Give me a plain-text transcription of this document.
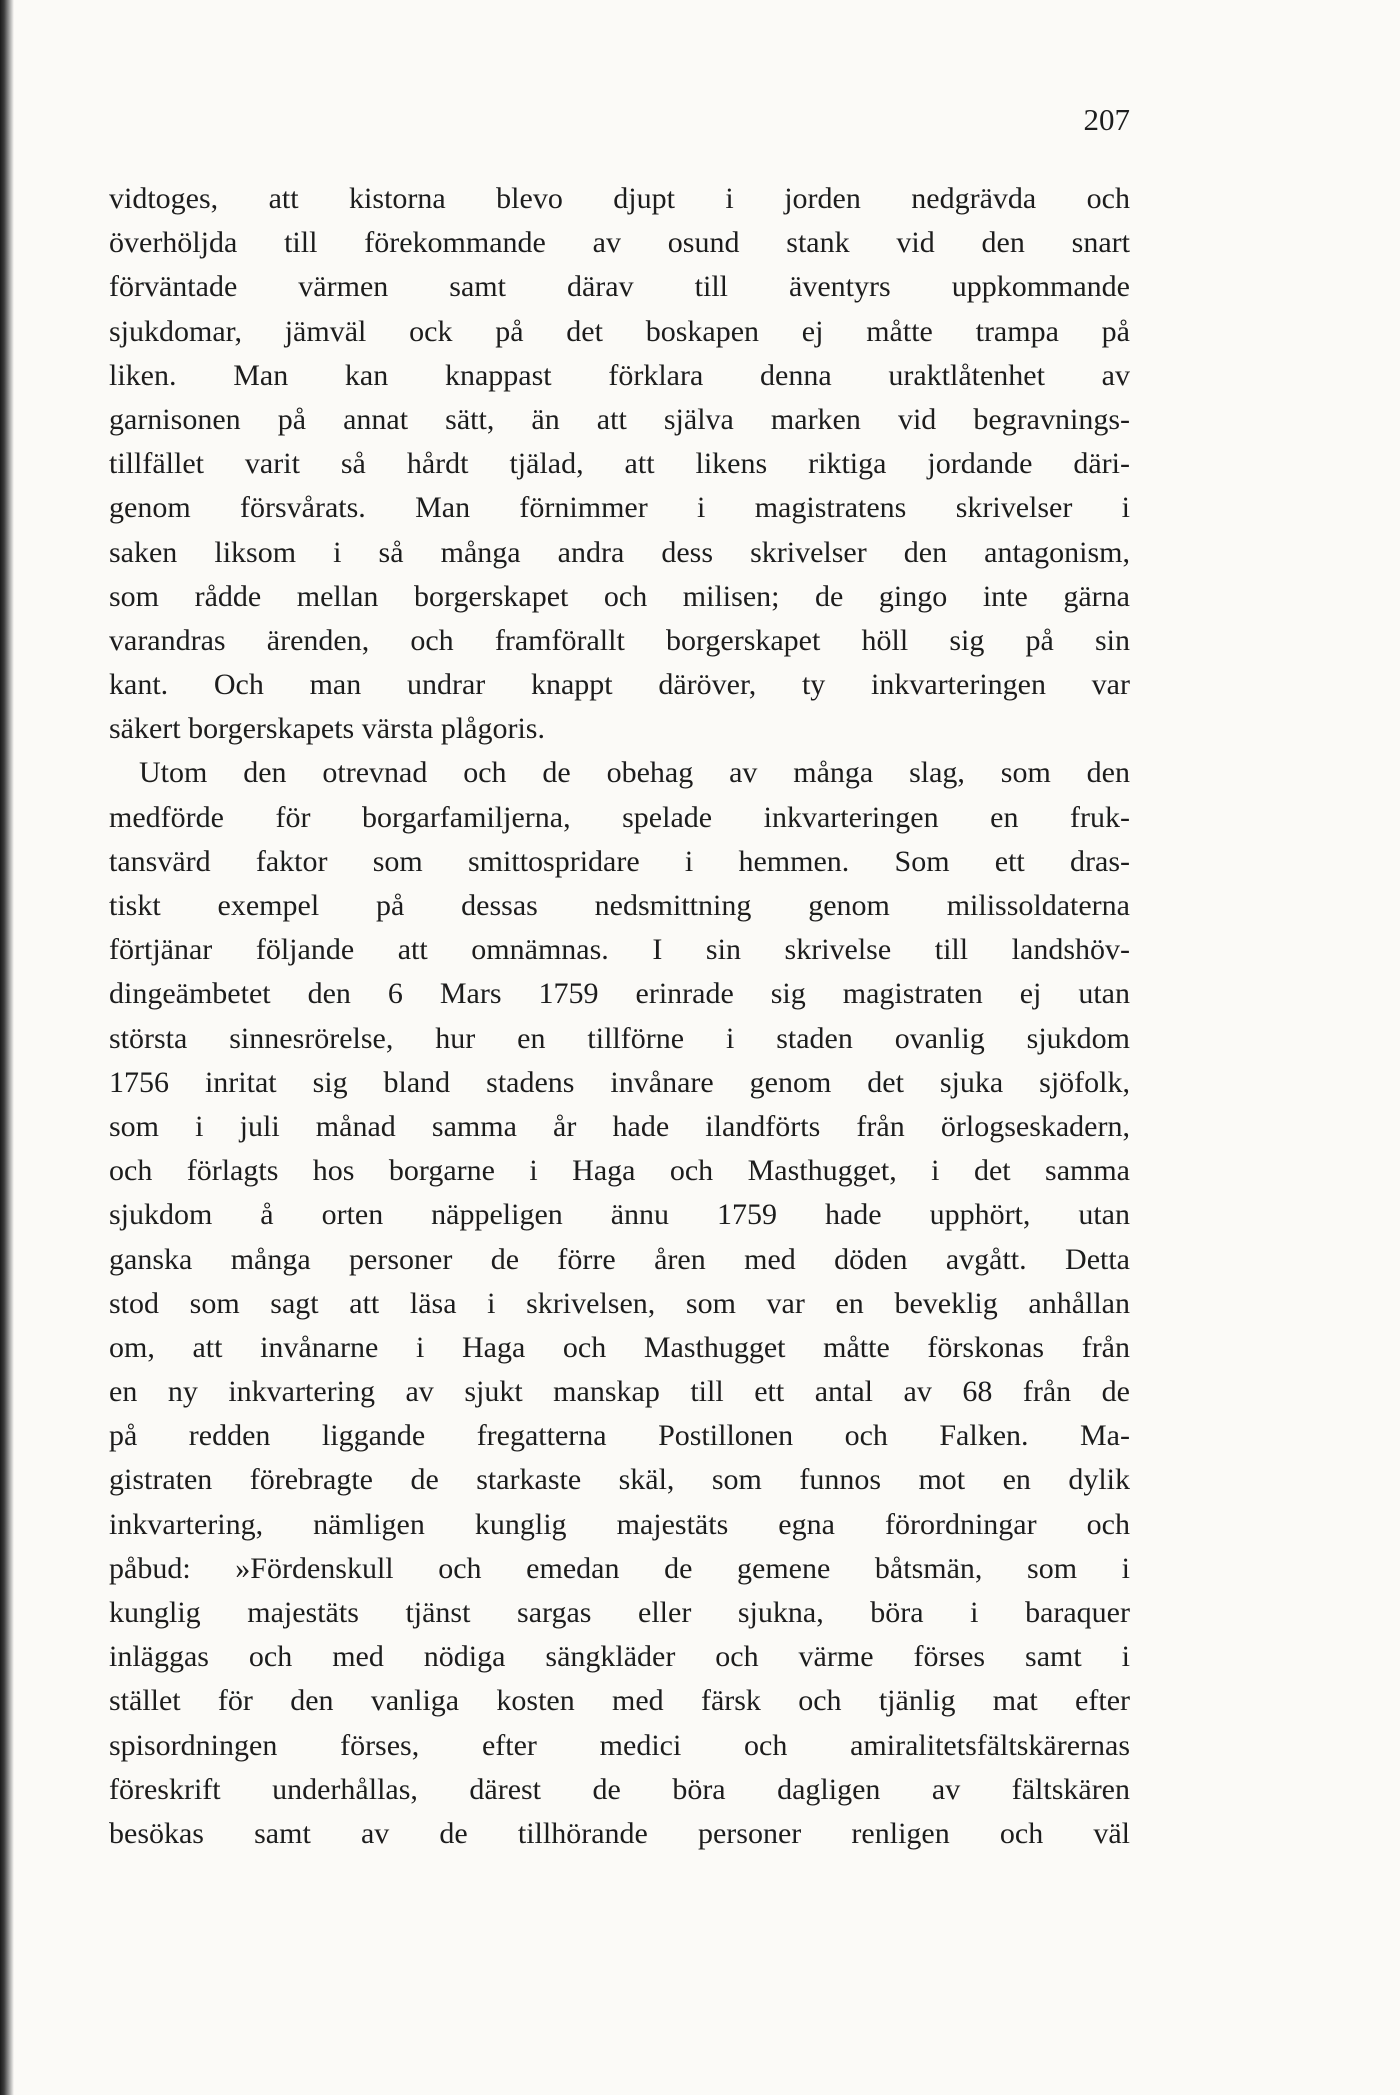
207

vidtoges, att kistorna blevo djupt i jorden nedgrävda och
överhöljda till förekommande av osund stank vid den snart
förväntade värmen samt därav till äventyrs uppkommande
sjukdomar, jämväl ock på det boskapen ej måtte trampa på
liken. Man kan knappast förklara denna uraktlåtenhet av
garnisonen på annat sätt, än att själva marken vid begravnings-
tillfället varit så hårdt tjälad, att likens riktiga jordande däri-
genom försvårats. Man förnimmer i magistratens skrivelser i
saken liksom i så många andra dess skrivelser den antagonism,
som rådde mellan borgerskapet och milisen; de gingo inte gärna
varandras ärenden, och framförallt borgerskapet höll sig på sin
kant. Och man undrar knappt däröver, ty inkvarteringen var
säkert borgerskapets värsta plågoris.
Utom den otrevnad och de obehag av många slag, som den
medförde för borgarfamiljerna, spelade inkvarteringen en fruk-
tansvärd faktor som smittospridare i hemmen. Som ett dras-
tiskt exempel på dessas nedsmittning genom milissoldaterna
förtjänar följande att omnämnas. I sin skrivelse till landshöv-
dingeämbetet den 6 Mars 1759 erinrade sig magistraten ej utan
största sinnesrörelse, hur en tillförne i staden ovanlig sjukdom
1756 inritat sig bland stadens invånare genom det sjuka sjöfolk,
som i juli månad samma år hade ilandförts från örlogseskadern,
och förlagts hos borgarne i Haga och Masthugget, i det samma
sjukdom å orten näppeligen ännu 1759 hade upphört, utan
ganska många personer de förre åren med döden avgått. Detta
stod som sagt att läsa i skrivelsen, som var en beveklig anhållan
om, att invånarne i Haga och Masthugget måtte förskonas från
en ny inkvartering av sjukt manskap till ett antal av 68 från de
på redden liggande fregatterna Postillonen och Falken. Ma-
gistraten förebragte de starkaste skäl, som funnos mot en dylik
inkvartering, nämligen kunglig majestäts egna förordningar och
påbud: »Fördenskull och emedan de gemene båtsmän, som i
kunglig majestäts tjänst sargas eller sjukna, böra i baraquer
inläggas och med nödiga sängkläder och värme förses samt i
stället för den vanliga kosten med färsk och tjänlig mat efter
spisordningen förses, efter medici och amiralitetsfältskärernas
föreskrift underhållas, därest de böra dagligen av fältskären
besökas samt av de tillhörande personer renligen och väl
